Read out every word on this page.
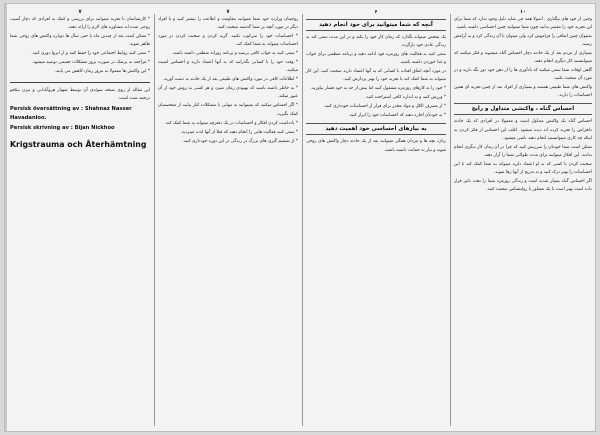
۷
* کارشناسان با تجربه میتوانند برای بررسی و کمک به افرادی که دچار آسیب روحی شده اند مشاوره های لازم را ارائه دهند.
* ممکن است بعد از چندین ماه یا حتی سال ها دوباره واکنش های روحی شما ظاهر شوند.
* سعی کنید روابط اجتماعی خود را حفظ کنید و از انزوا دوری کنید.
* مراجعه به پزشک در صورت بروز مشکلات جسمی توصیه میشود.
* این واکنش ها معمولا به مرور زمان کاهش می یابند.
این مقاله از روی نسخه سوئدی آن توسط شهناز هروآبادانی و بیژن نیکخو ترجمه شده است.
Persisk översättning av : Shahnaz Nasser Havadanloo.
Persisk skrivning av : Bijan Nickhoo
Krigstrauma och Återhämtning
۷
روحیتان وزارت خود شما میتوانید مقاومت و اطاعت را بیشتر کنید و با افراد دیگر در مورد آنچه بر شما گذشته صحبت کنید.
* احساسات خود را سرکوب نکنید. گریه کردن و صحبت کردن در مورد احساسات میتواند به شما کمک کند.
* سعی کنید به خواب کافی برسید و برنامه روزانه منظمی داشته باشید.
* وقت خود را با کسانی بگذرانید که به آنها اعتماد دارید و احساس امنیت میکنید.
* اطلاعات کافی در مورد واکنش های طبیعی بعد از یک حادثه به دست آورید.
* به خاطر داشته باشید که بهبودی زمان میبرد و هر کسی به روش خود از آن عبور میکند.
* اگر احساس میکنید که نمیتوانید به تنهایی با مشکلات کنار بیایید از متخصصان کمک بگیرید.
* یادداشت کردن افکار و احساسات در یک دفترچه میتواند به شما کمک کند.
* سعی کنید فعالیت هایی را انجام دهید که قبلا از آنها لذت میبردید.
* از تصمیم گیری های بزرگ در زندگی در این دوره خودداری کنید.
۶
آنچه که شما میتوانید برای خود انجام دهید
یک شخص میتواند بگذارد که زمان کار خود را بکند و در این مدت سعی کند به زندگی عادی خود بازگردد.
سعی کنید به فعالیت های روزمره خود ادامه دهید و برنامه منظمی برای خواب و غذا خوردن داشته باشید.
در مورد آنچه اتفاق افتاده با کسانی که به آنها اعتماد دارید صحبت کنید. این کار میتواند به شما کمک کند تا تجربه خود را بهتر پردازش کنید.
* خود را به کارهای روزمره مشغول کنید اما بیش از حد به خود فشار نیاورید.
* ورزش کنید و به اندازه کافی استراحت کنید.
* از مصرف الکل و مواد مخدر برای فرار از احساسات خودداری کنید.
* به خودتان اجازه دهید که احساسات خود را ابراز کنید.
به نیازهای احساسی خود اهمیت دهید
زنان، بچه ها و مردان همگی میتوانند بعد از یک حادثه دچار واکنش های روحی شوند و نیاز به حمایت داشته باشند.
۱۰
وحیی از خود های بیگناری . اصولا همه چی شاید دلیل وجود ندارد که شما برای این تجربه خود را مقصر بدانید چون شما میتوانید چنین احساسی داشته باشید.
نمیتوان چنین اتفاقی را فراموش کرد ولی میتوان با آن زندگی کرد و به آرامش رسید.
بسیاری از مردم بعد از یک حادثه دچار احساس گناه میشوند و فکر میکنند که میتوانستند کار دیگری انجام دهند.
گاهی اوقات شما سعی میکنید که یادآوری ها را از ذهن خود دور نگه دارید و در مورد آن صحبت نکنید.
واکنش های شما طبیعی هستند و بسیاری از افراد بعد از چنین تجربه ای همین احساسات را دارند.
احساس گناه ، واکنشی متداول و رایج
احساس گناه یک واکنش متداول است و معمولا در افرادی که یک حادثه دلخراش را تجربه کرده اند دیده میشود. اغلب این احساس از فکر کردن به اینکه چه کاری میتوانستید انجام دهید ناشی میشود.
ممکن است شما خودتان را سرزنش کنید که چرا در آن زمان کار دیگری انجام ندادید. این افکار میتوانند برای مدت طولانی شما را آزار دهند.
صحبت کردن با کسی که به او اعتماد دارید میتواند به شما کمک کند تا این احساسات را بهتر درک کنید و به تدریج از آنها رها شوید.
اگر احساس گناه بسیار شدید است و زندگی روزمره شما را تحت تاثیر قرار داده است بهتر است با یک مشاور یا روانشناس صحبت کنید.
